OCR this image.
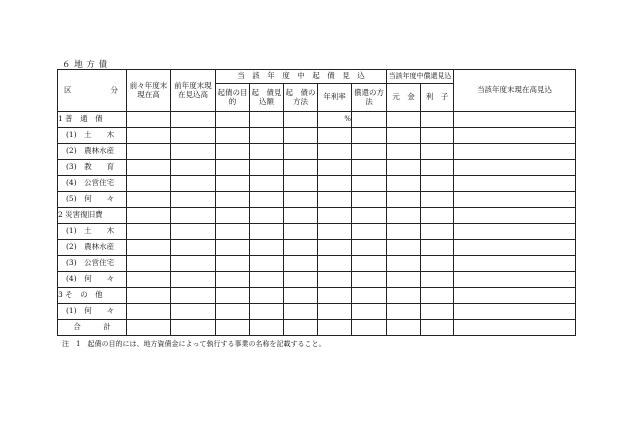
６ 地 方 債
区 分	前々年度末現在高	前年度末現在見込高	当　該　年　度　中　起　債　見　込					当該年度中償還見込		当該年度末現在高見込
			起債の目　的	起　債見込額	起　債の方法	年利率	償還の方　法	元　金	利　子	
1 普　通　債						%				
(1)　土　　木										
(2)　農林水産										
(3)　教　　育										
(4)　公営住宅										
(5)　何　　々										
2 災害復旧費										
(1)　土　　木										
(2)　農林水産										
(3)　公営住宅										
(4)　何　　々										
3 そ　の　他										
(1)　何　　々										
合　　　計										
注　1　起債の目的には、地方資債金によって執行する事業の名称を記載すること。
